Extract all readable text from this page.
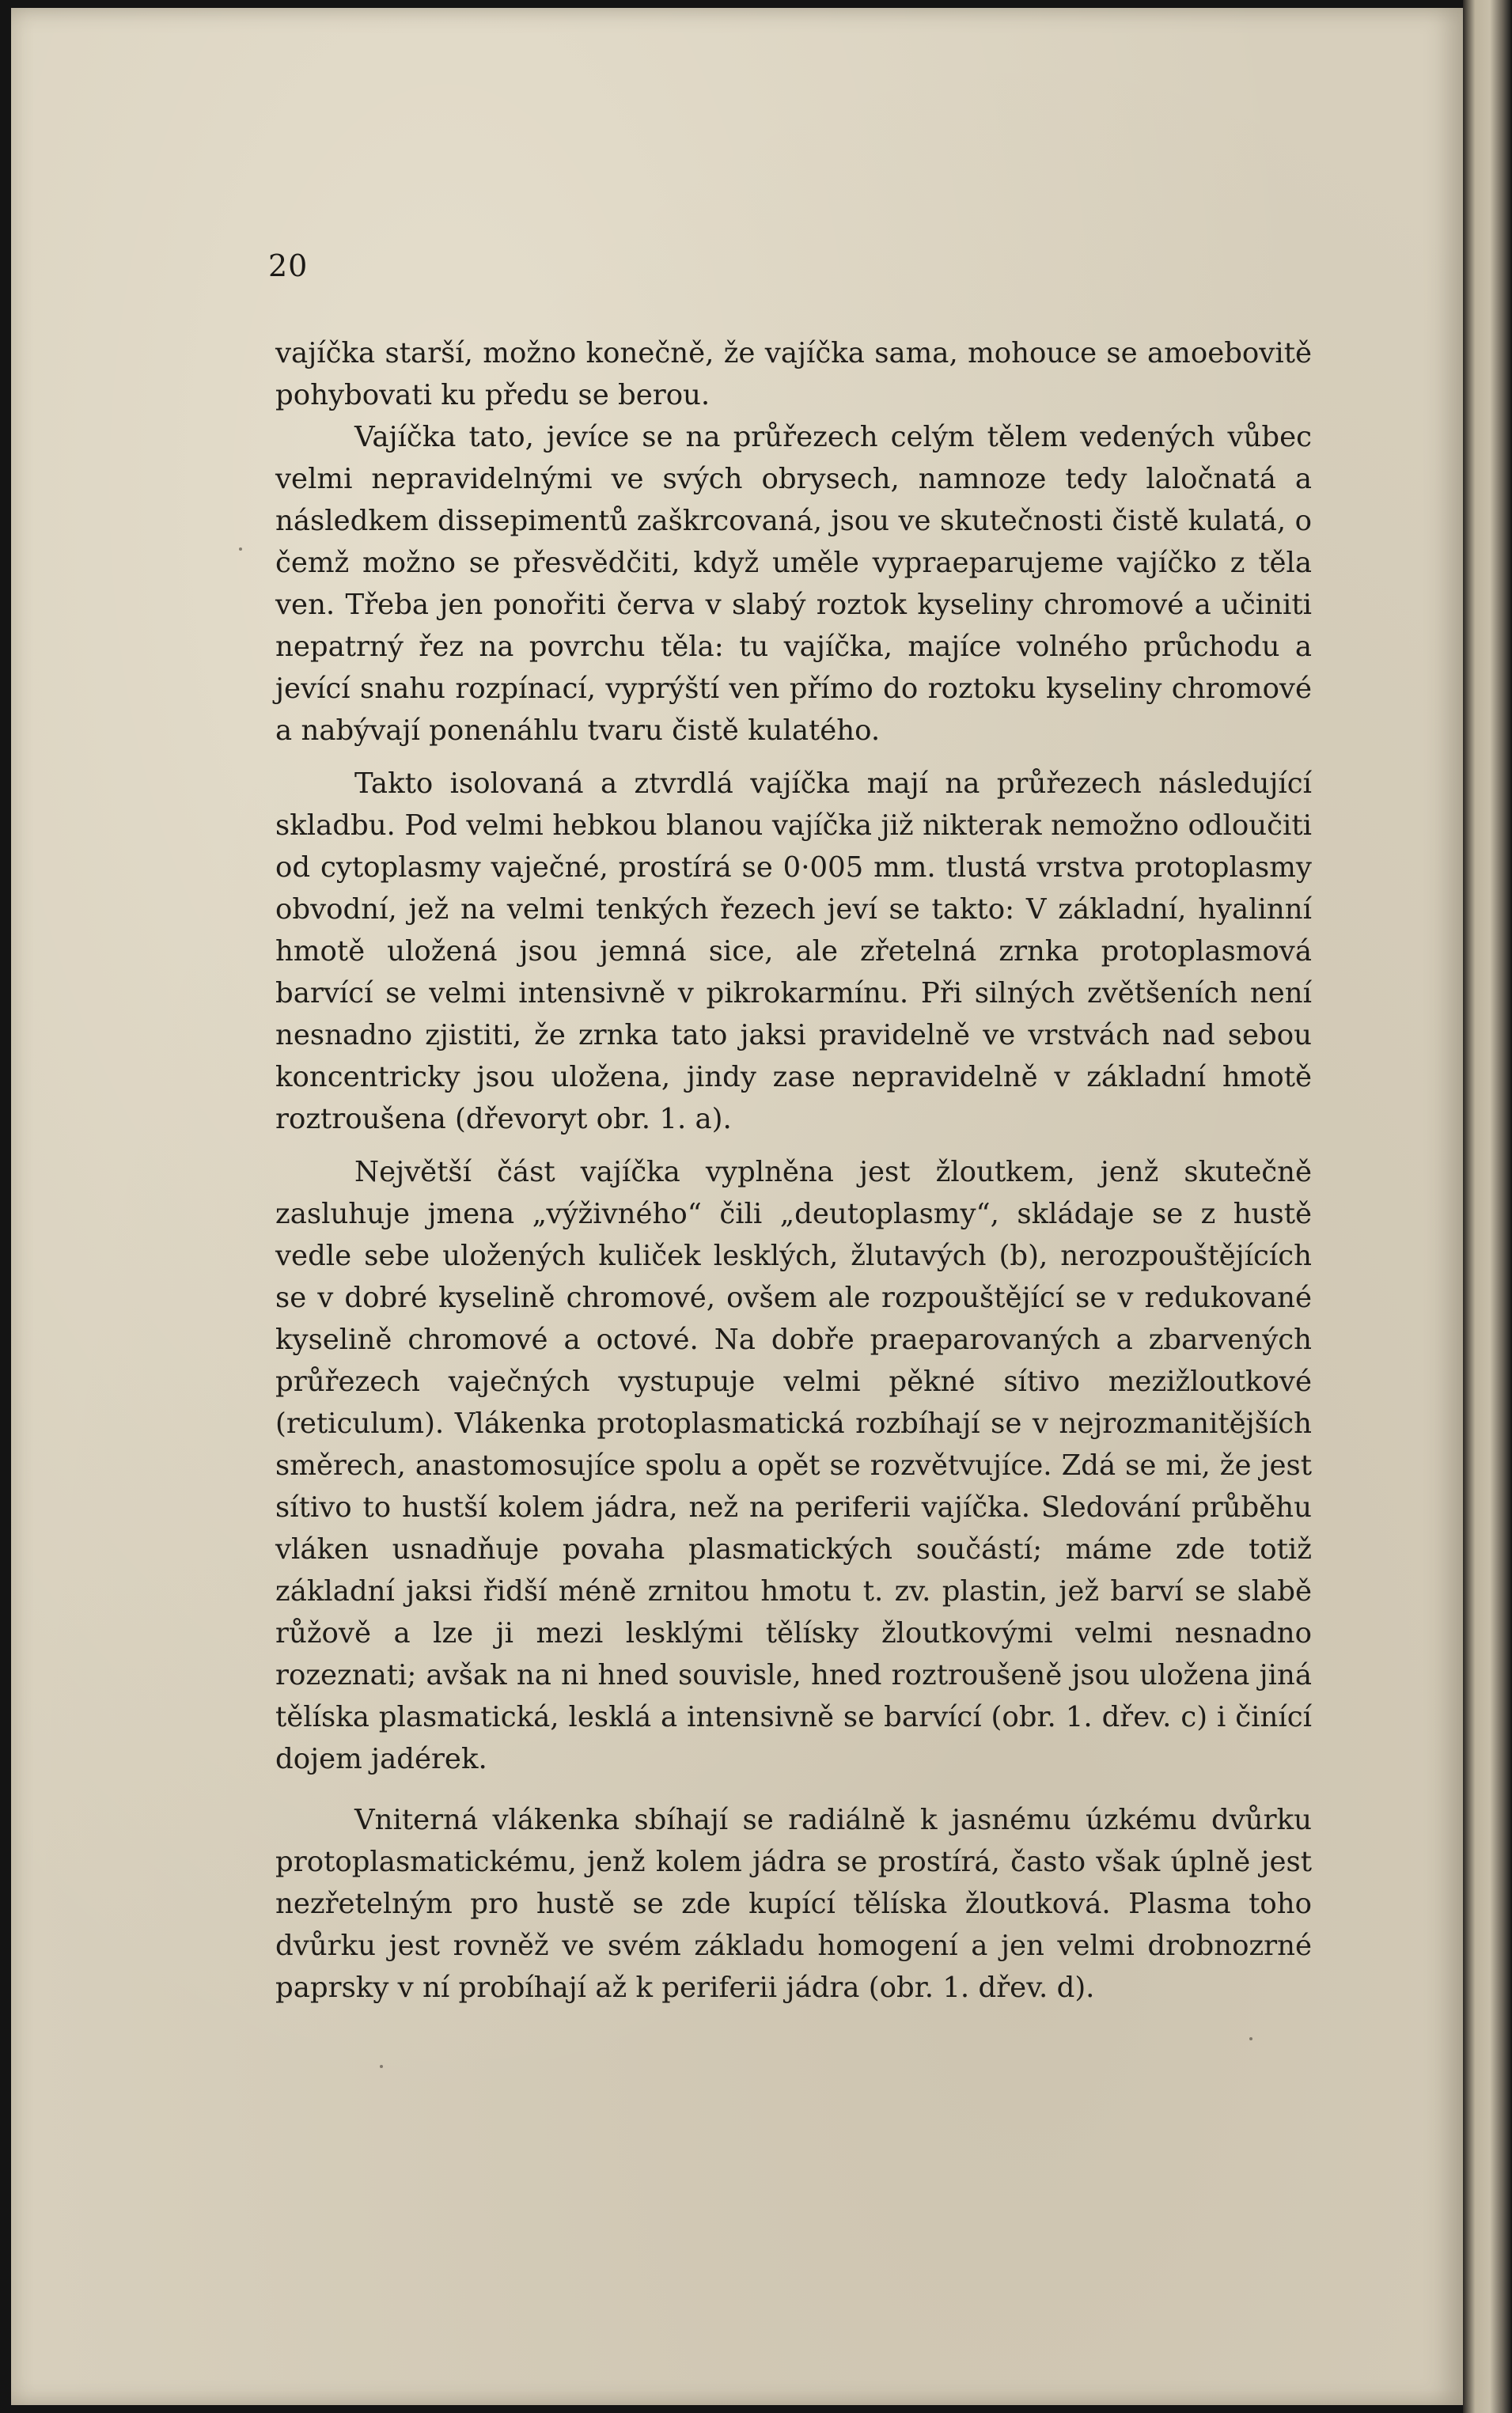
20

vajíčka starší, možno konečně, že vajíčka sama, mohouce se amoebovitě pohybovati ku předu se berou.

Vajíčka tato, jevíce se na průřezech celým tělem vedených vůbec velmi nepravidelnými ve svých obrysech, namnoze tedy laločnatá a následkem dissepimentů zaškrcovaná, jsou ve skutečnosti čistě kulatá, o čemž možno se přesvědčiti, když uměle vypraeparujeme vajíčko z těla ven. Třeba jen ponořiti červa v slabý roztok kyseliny chromové a učiniti nepatrný řez na povrchu těla: tu vajíčka, majíce volného průchodu a jevící snahu rozpínací, vyprýští ven přímo do roztoku kyseliny chromové a nabývají ponenáhlu tvaru čistě kulatého.

Takto isolovaná a ztvrdlá vajíčka mají na průřezech následující skladbu. Pod velmi hebkou blanou vajíčka již nikterak nemožno odloučiti od cytoplasmy vaječné, prostírá se 0·005 mm. tlustá vrstva protoplasmy obvodní, jež na velmi tenkých řezech jeví se takto: V základní, hyalinní hmotě uložená jsou jemná sice, ale zřetelná zrnka protoplasmová barvící se velmi intensivně v pikrokarmínu. Při silných zvětšeních není nesnadno zjistiti, že zrnka tato jaksi pravidelně ve vrstvách nad sebou koncentricky jsou uložena, jindy zase nepravidelně v základní hmotě roztroušena (dřevoryt obr. 1. a).

Největší část vajíčka vyplněna jest žloutkem, jenž skutečně zasluhuje jmena „výživného“ čili „deutoplasmy“, skládaje se z hustě vedle sebe uložených kuliček lesklých, žlutavých (b), nerozpouštějících se v dobré kyselině chromové, ovšem ale rozpouštějící se v redukované kyselině chromové a octové. Na dobře praeparovaných a zbarvených průřezech vaječných vystupuje velmi pěkné sítivo mezižloutkové (reticulum). Vlákenka protoplasmatická rozbíhají se v nejrozmanitějších směrech, anastomosujíce spolu a opět se rozvětvujíce. Zdá se mi, že jest sítivo to hustší kolem jádra, než na periferii vajíčka. Sledování průběhu vláken usnadňuje povaha plasmatických součástí; máme zde totiž základní jaksi řidší méně zrnitou hmotu t. zv. plastin, jež barví se slabě růžově a lze ji mezi lesklými tělísky žloutkovými velmi nesnadno rozeznati; avšak na ni hned souvisle, hned roztroušeně jsou uložena jiná tělíska plasmatická, lesklá a intensivně se barvící (obr. 1. dřev. c) i činící dojem jadérek.

Vniterná vlákenka sbíhají se radiálně k jasnému úzkému dvůrku protoplasmatickému, jenž kolem jádra se prostírá, často však úplně jest nezřetelným pro hustě se zde kupící tělíska žloutková. Plasma toho dvůrku jest rovněž ve svém základu homogení a jen velmi drobnozrné paprsky v ní probíhají až k periferii jádra (obr. 1. dřev. d).
